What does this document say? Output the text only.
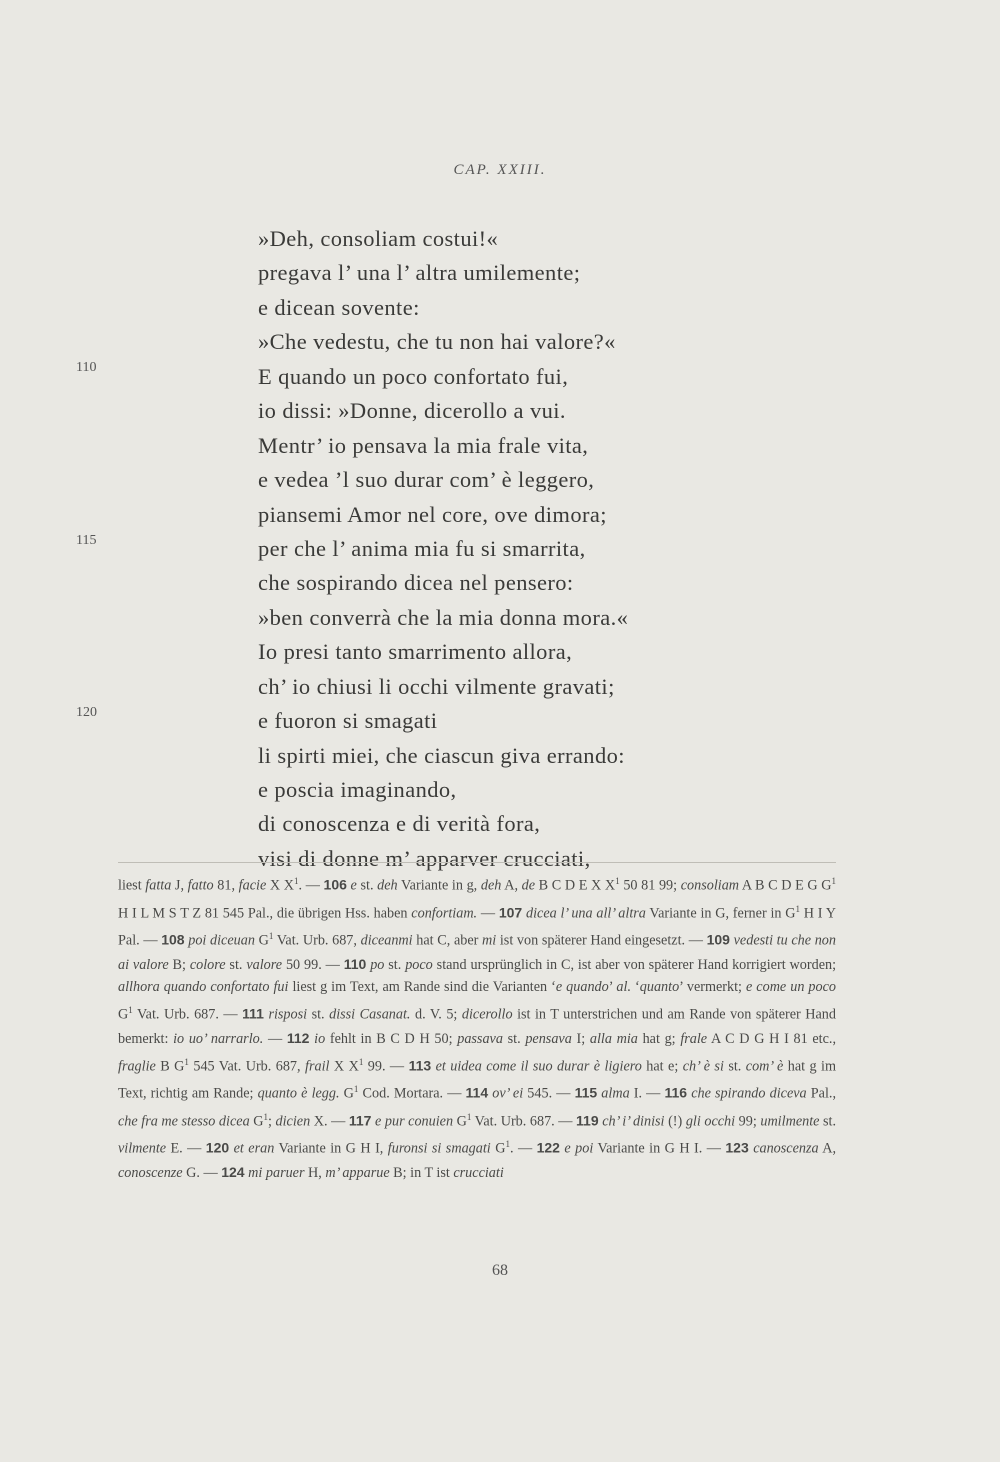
CAP. XXIII.
110
115
120
»Deh, consoliam costui!«
pregava l’ una l’ altra umilemente;
e dicean sovente:
»Che vedestu, che tu non hai valore?«
E quando un poco confortato fui,
io dissi: »Donne, dicerollo a vui.
Mentr’ io pensava la mia frale vita,
e vedea ’l suo durar com’ è leggero,
piansemi Amor nel core, ove dimora;
per che l’ anima mia fu si smarrita,
che sospirando dicea nel pensero:
»ben converrà che la mia donna mora.«
Io presi tanto smarrimento allora,
ch’ io chiusi li occhi vilmente gravati;
e fuoron si smagati
li spirti miei, che ciascun giva errando:
e poscia imaginando,
di conoscenza e di verità fora,
visi di donne m’ apparver crucciati,

liest fatta J, fatto 81, facie X $X^1$. — 106 e st. deh Variante in g, deh A, de B C D E X $X^1$ 50 81 99; consoliam A B C D E G $G^1$ H I L M S T Z 81 545 Pal., die übrigen Hss. haben confortiam. — 107 dicea l’ una all’ altra Variante in G, ferner in $G^1$ H I Y Pal. — 108 poi diceuan $G^1$ Vat. Urb. 687, diceanmi hat C, aber mi ist von späterer Hand eingesetzt. — 109 vedesti tu che non ai valore B; colore st. valore 50 99. — 110 po st. poco stand ursprünglich in C, ist aber von späterer Hand korrigiert worden; allhora quando confortato fui liest g im Text, am Rande sind die Varianten ‘e quando’ al. ‘quanto’ vermerkt; e come un poco $G^1$ Vat. Urb. 687. — 111 risposi st. dissi Casanat. d. V. 5; dicerollo ist in T unterstrichen und am Rande von späterer Hand bemerkt: io uo’ narrarlo. — 112 io fehlt in B C D H 50; passava st. pensava I; alla mia hat g; frale A C D G H I 81 etc., fraglie B $G^1$ 545 Vat. Urb. 687, frail X $X^1$ 99. — 113 et uidea come il suo durar è ligiero hat e; ch’ è si st. com’ è hat g im Text, richtig am Rande; quanto è legg. $G^1$ Cod. Mortara. — 114 ov’ ei 545. — 115 alma I. — 116 che spirando diceva Pal., che fra me stesso dicea $G^1$; dicien X. — 117 e pur conuien $G^1$ Vat. Urb. 687. — 119 ch’ i’ dinisi (!) gli occhi 99; umilmente st. vilmente E. — 120 et eran Variante in G H I, furonsi si smagati $G^1$. — 122 e poi Variante in G H I. — 123 canoscenza A, conoscenze G. — 124 mi paruer H, m’ apparue B; in T ist crucciati

68
